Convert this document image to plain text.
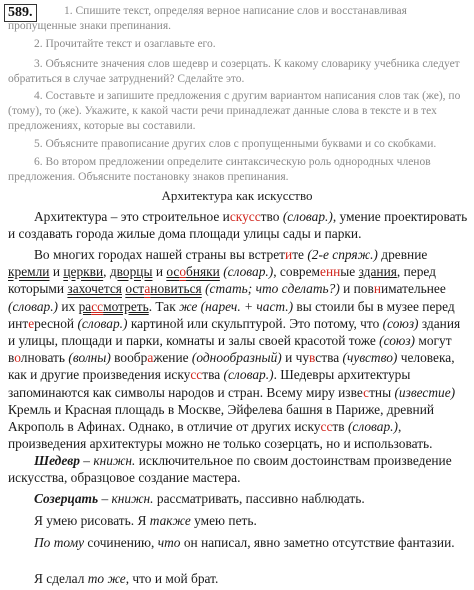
589.	1. Спишите текст, определяя верное написание слов и восстанавливая пропущенные знаки препинания.
2. Прочитайте текст и озаглавьте его.
3. Объясните значения слов шедевр и созерцать. К какому словарику учебника следует обратиться в случае затруднений? Сделайте это.
4. Составьте и запишите предложения с другим вариантом написания слов так (же), по (тому), то (же). Укажите, к какой части речи принадлежат данные слова в тексте и в тех предложениях, которые вы составили.
5. Объясните правописание других слов с пропущенными буквами и со скобками.
6. Во втором предложении определите синтаксическую роль однородных членов предложения. Объясните постановку знаков препинания.
Архитектура как искусство
Архитектура – это строительное искусство (словар.), умение проектировать и создавать города жилые дома площади улицы сады и парки.
Во многих городах нашей страны вы встретите (2-е спряж.) древние кремли и церкви, дворцы и особняки (словар.), современные здания, перед которыми захочется остановиться (стать; что сделать?) и повнимательнее (словар.) их рассмотреть. Так же (нареч. + част.) вы стоили бы в музее перед интересной (словар.) картиной или скульптурой. Это потому, что (союз) здания и улицы, площади и парки, комнаты и залы своей красотой тоже (союз) могут волновать (волны) воображение (однообразный) и чувства (чувство) человека, как и другие произведения искусства (словар.). Шедевры архитектуры запоминаются как символы народов и стран. Всему миру известны (известие) Кремль и Красная площадь в Москве, Эйфелева башня в Париже, древний Акрополь в Афинах. Однако, в отличие от других искусств (словар.), произведения архитектуры можно не только созерцать, но и использовать.
Шедевр – книжн. исключительное по своим достоинствам произведение искусства, образцовое создание мастера.
Созерцать – книжн. рассматривать, пассивно наблюдать.
Я умею рисовать. Я также умею петь.
По тому сочинению, что он написал, явно заметно отсутствие фантазии.
Я сделал то же, что и мой брат.
